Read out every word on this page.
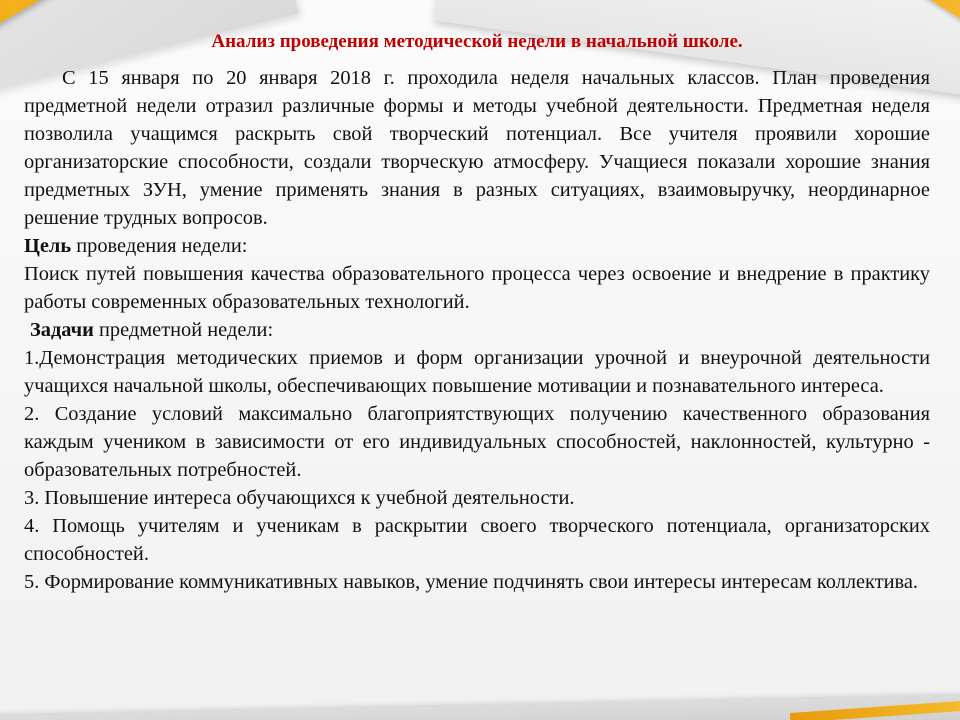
Анализ проведения методической недели в начальной школе.

С 15 января по 20 января 2018 г. проходила неделя начальных классов. План проведения предметной недели отразил различные формы и методы учебной деятельности. Предметная неделя позволила учащимся раскрыть свой творческий потенциал. Все учителя проявили хорошие организаторские способности, создали творческую атмосферу. Учащиеся показали хорошие знания предметных ЗУН, умение применять знания в разных ситуациях, взаимовыручку, неординарное решение трудных вопросов.

Цель проведения недели:

Поиск путей повышения качества образовательного процесса через освоение и внедрение в практику работы современных образовательных технологий.

Задачи предметной недели:

1.Демонстрация методических приемов и форм организации урочной и внеурочной деятельности учащихся начальной школы, обеспечивающих повышение мотивации и познавательного интереса.

2. Создание условий максимально благоприятствующих получению качественного образования каждым учеником в зависимости от его индивидуальных способностей, наклонностей, культурно - образовательных потребностей.

3. Повышение интереса обучающихся к учебной деятельности.

4. Помощь учителям и ученикам в раскрытии своего творческого потенциала, организаторских способностей.

5. Формирование коммуникативных навыков, умение подчинять свои интересы интересам коллектива.
